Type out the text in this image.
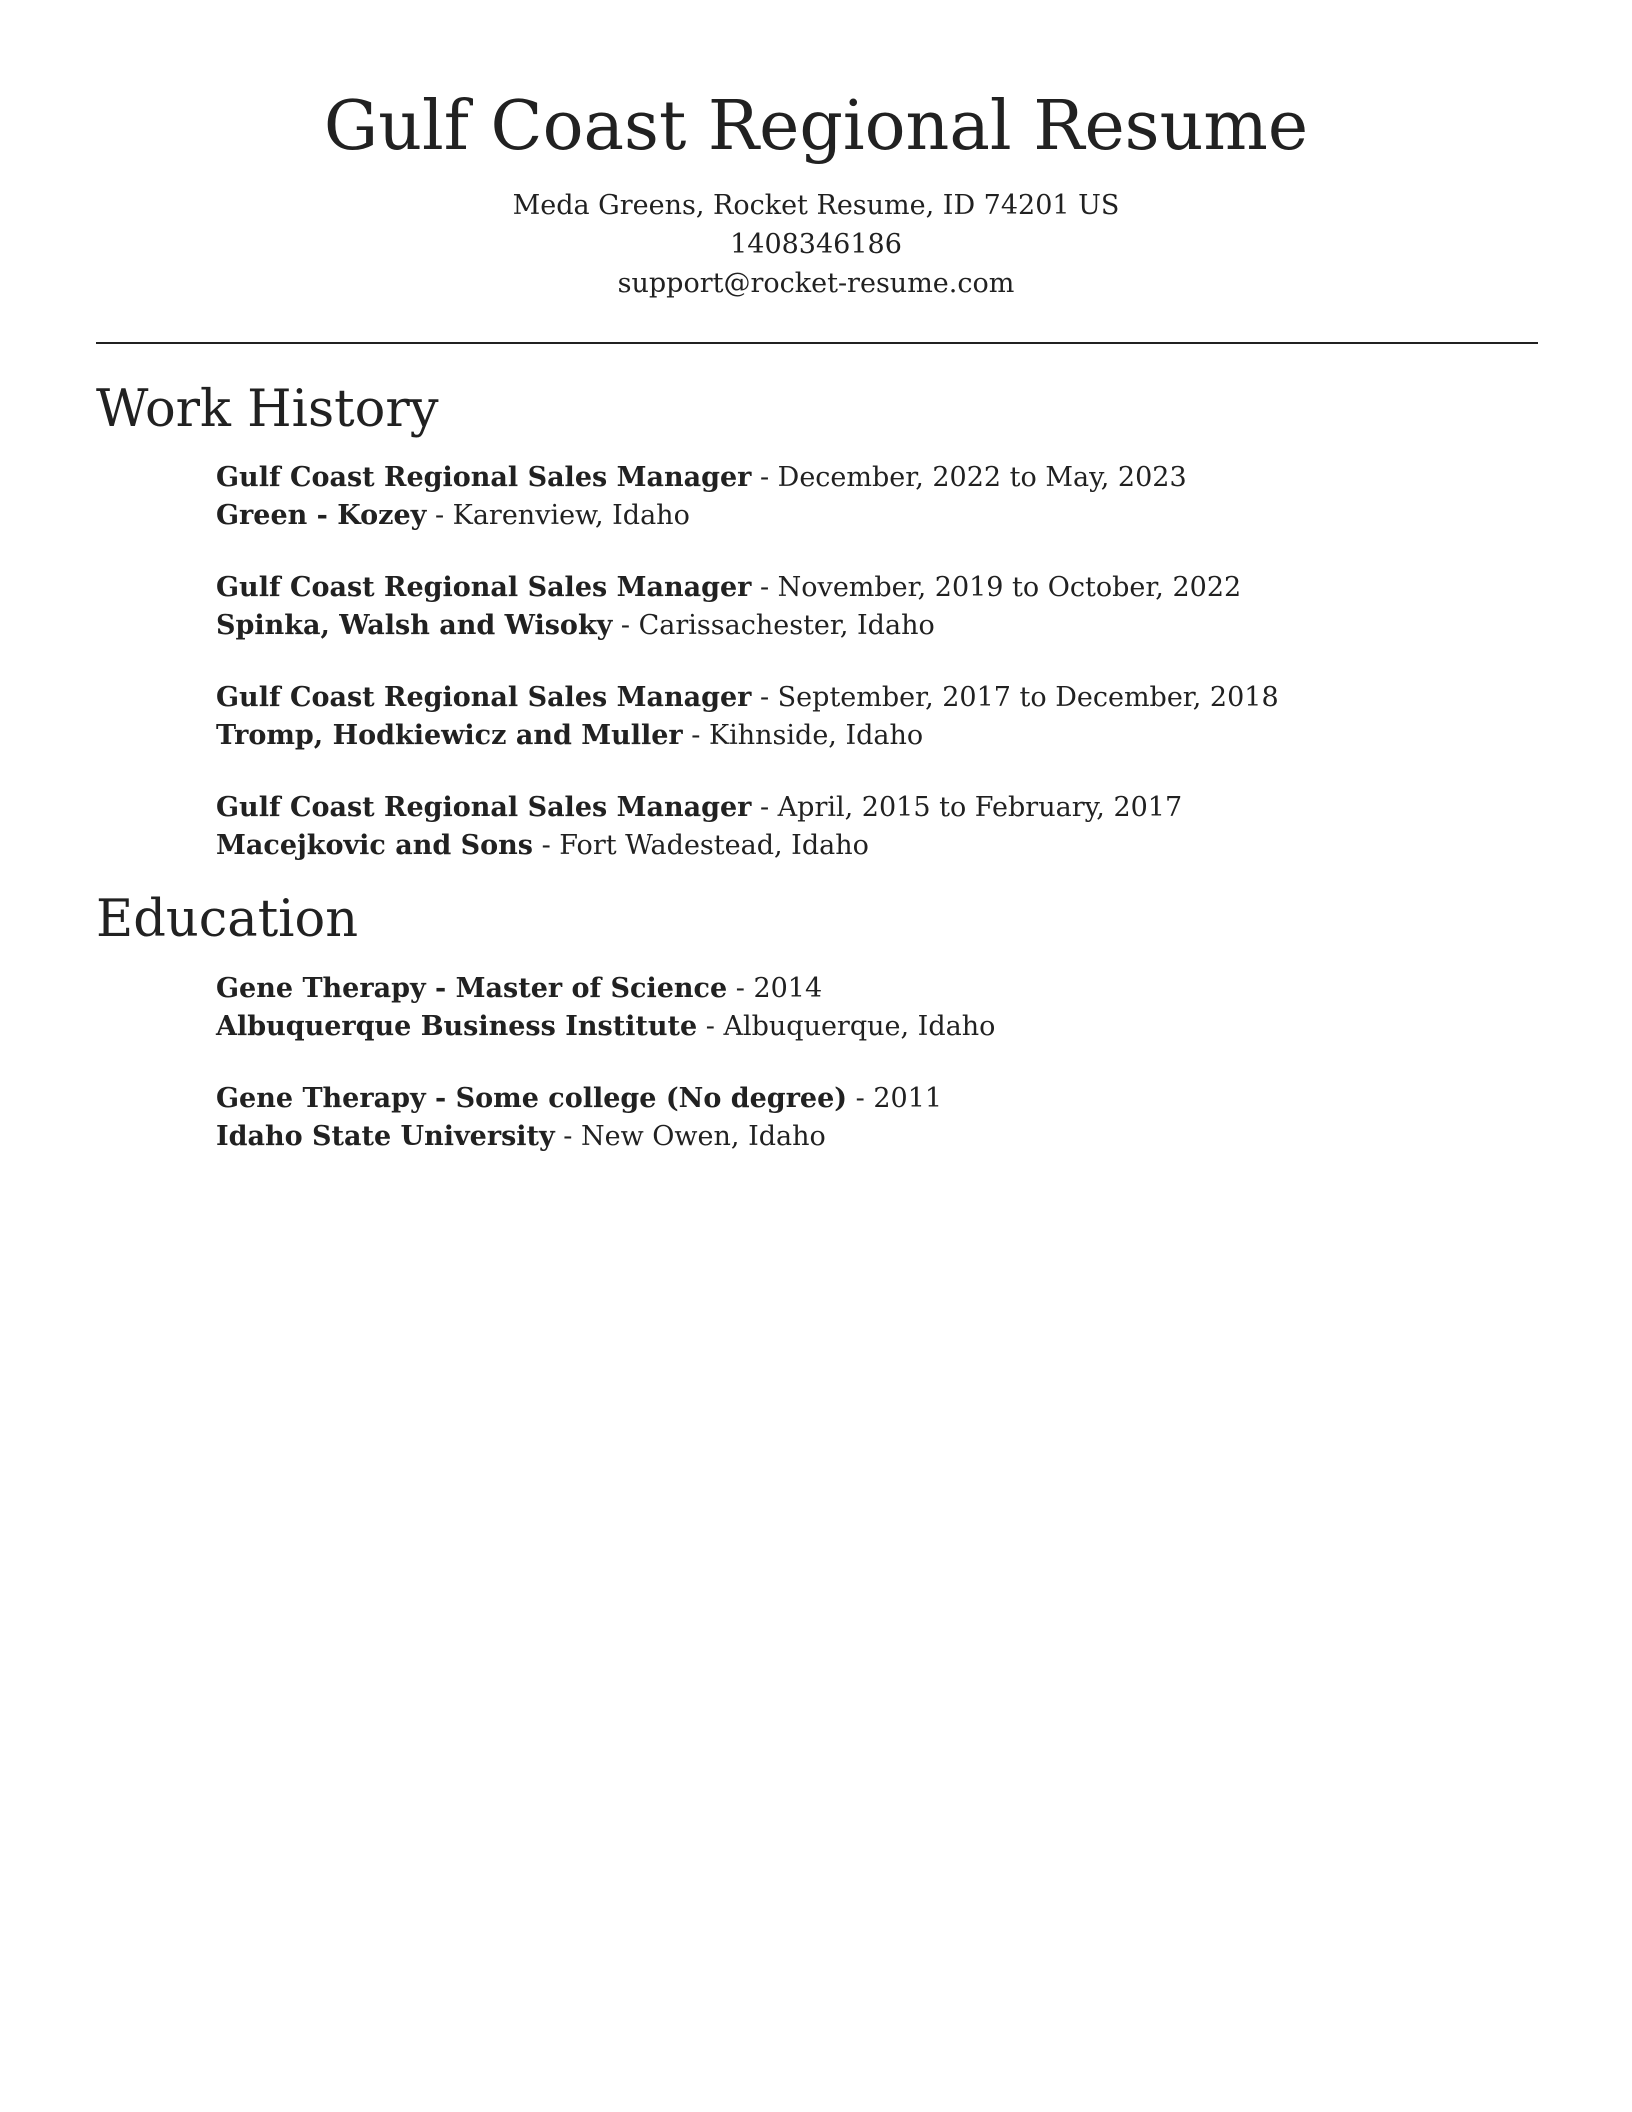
Gulf Coast Regional Resume
Meda Greens, Rocket Resume, ID 74201 US
1408346186
support@rocket-resume.com
Work History
Gulf Coast Regional Sales Manager - December, 2022 to May, 2023
Green - Kozey - Karenview, Idaho
Gulf Coast Regional Sales Manager - November, 2019 to October, 2022
Spinka, Walsh and Wisoky - Carissachester, Idaho
Gulf Coast Regional Sales Manager - September, 2017 to December, 2018
Tromp, Hodkiewicz and Muller - Kihnside, Idaho
Gulf Coast Regional Sales Manager - April, 2015 to February, 2017
Macejkovic and Sons - Fort Wadestead, Idaho
Education
Gene Therapy - Master of Science - 2014
Albuquerque Business Institute - Albuquerque, Idaho
Gene Therapy - Some college (No degree) - 2011
Idaho State University - New Owen, Idaho
